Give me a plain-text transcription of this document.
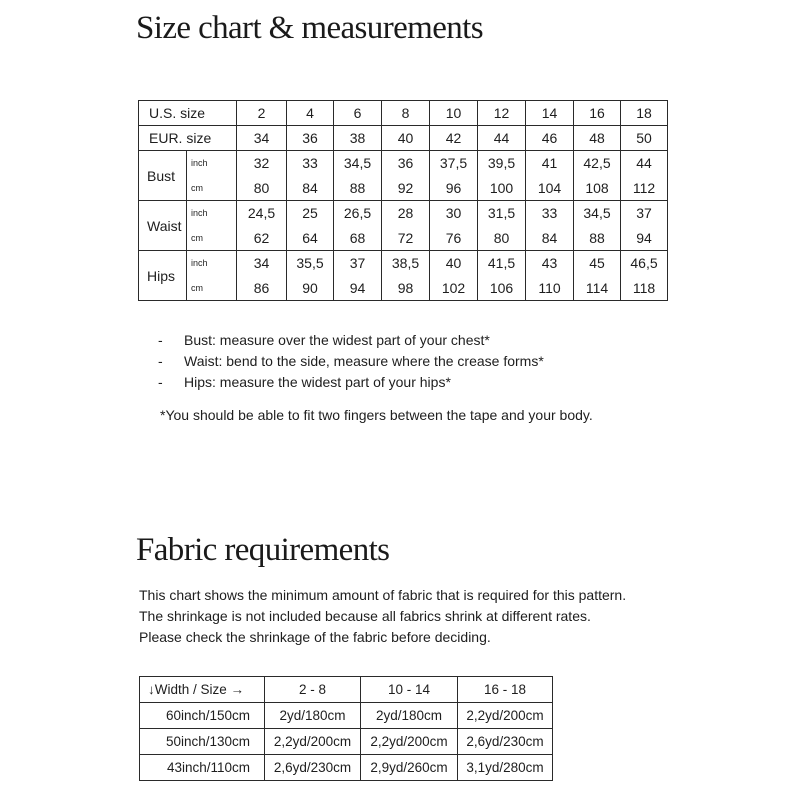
Size chart & measurements
U.S. size		2	4	6	8	10	12	14	16	18
EUR. size		34	36	38	40	42	44	46	48	50
Bust	inch	32	33	34,5	36	37,5	39,5	41	42,5	44
	cm	80	84	88	92	96	100	104	108	112
Waist	inch	24,5	25	26,5	28	30	31,5	33	34,5	37
	cm	62	64	68	72	76	80	84	88	94
Hips	inch	34	35,5	37	38,5	40	41,5	43	45	46,5
	cm	86	90	94	98	102	106	110	114	118
- Bust: measure over the widest part of your chest*
- Waist: bend to the side, measure where the crease forms*
- Hips: measure the widest part of your hips*

*You should be able to fit two fingers between the tape and your body.

Fabric requirements

This chart shows the minimum amount of fabric that is required for this pattern.
The shrinkage is not included because all fabrics shrink at different rates.
Please check the shrinkage of the fabric before deciding.

↓Width / Size →	2 - 8	10 - 14	16 - 18
60inch/150cm	2yd/180cm	2yd/180cm	2,2yd/200cm
50inch/130cm	2,2yd/200cm	2,2yd/200cm	2,6yd/230cm
43inch/110cm	2,6yd/230cm	2,9yd/260cm	3,1yd/280cm
